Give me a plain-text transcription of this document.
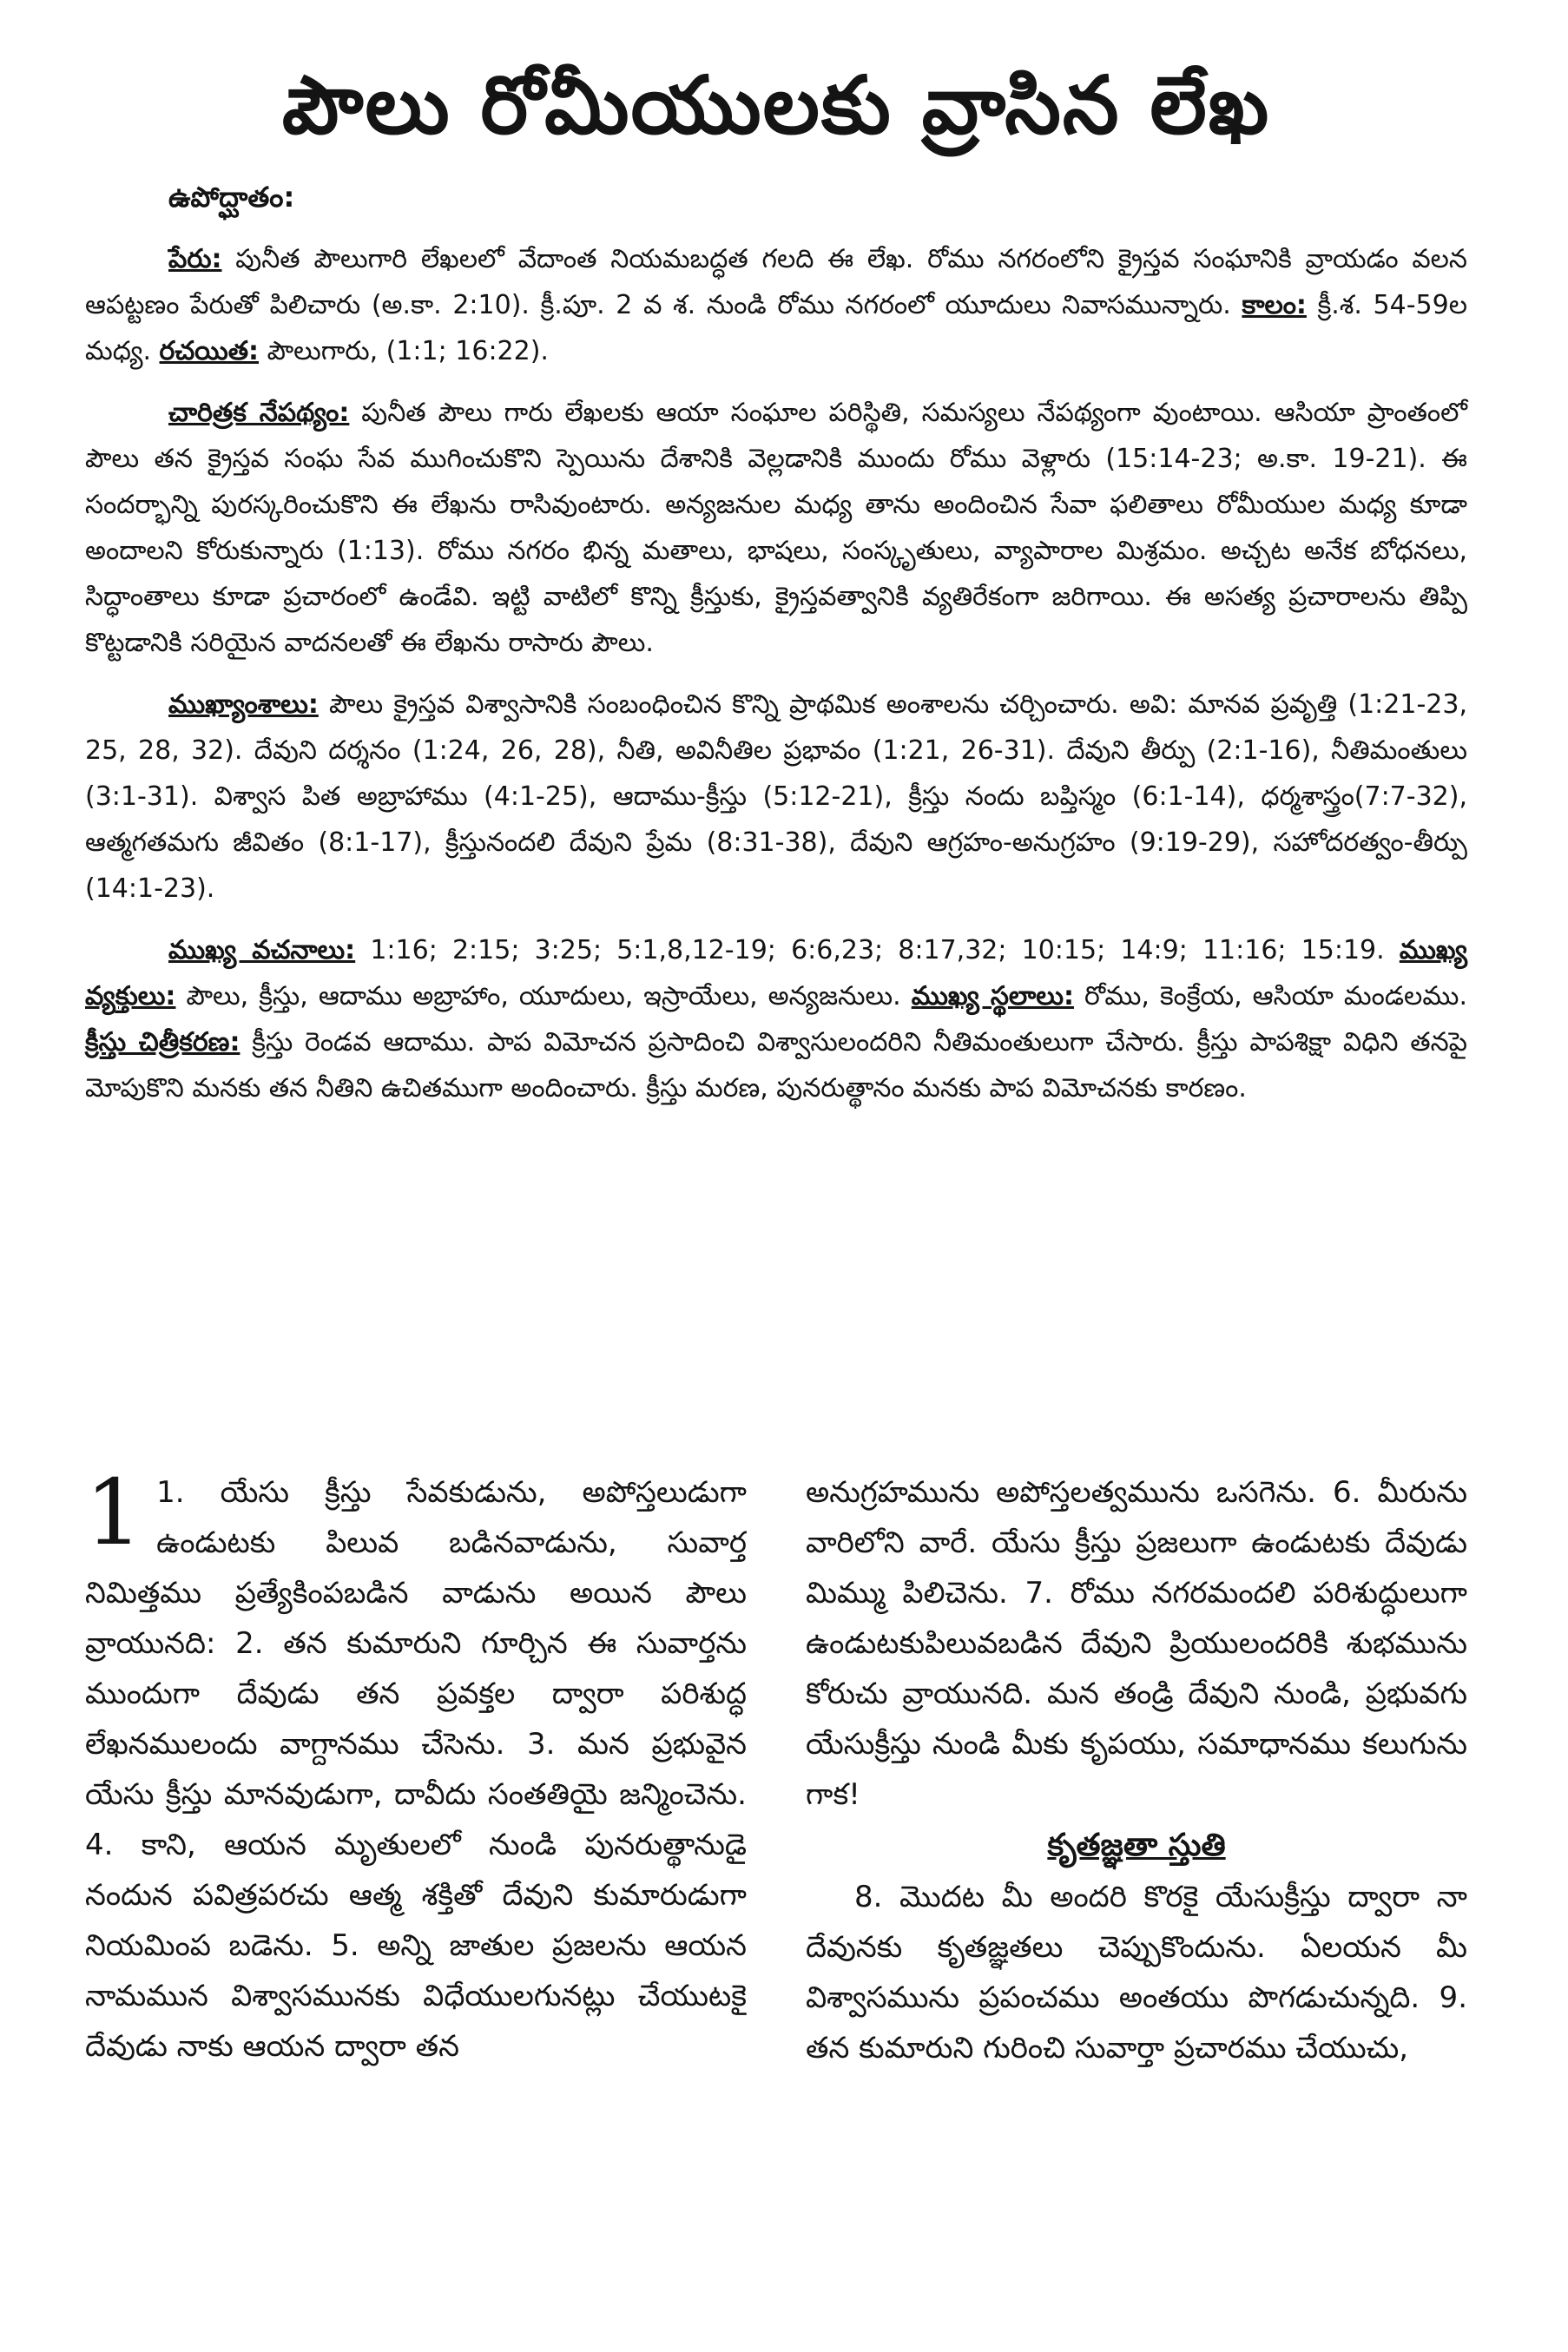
పౌలు రోమీయులకు వ్రాసిన లేఖ

ఉపోద్ఘాతం:

పేరు: పునీత పౌలుగారి లేఖలలో వేదాంత నియమబద్ధత గలది ఈ లేఖ. రోము నగరంలోని క్రైస్తవ సంఘానికి వ్రాయడం వలన ఆపట్టణం పేరుతో పిలిచారు (అ.కా. 2:10). క్రీ.పూ. 2 వ శ. నుండి రోము నగరంలో యూదులు నివాసమున్నారు. కాలం: క్రీ.శ. 54-59ల మధ్య. రచయిత: పౌలుగారు, (1:1; 16:22).

చారిత్రక నేపథ్యం: పునీత పౌలు గారు లేఖలకు ఆయా సంఘాల పరిస్థితి, సమస్యలు నేపథ్యంగా వుంటాయి. ఆసియా ప్రాంతంలో పౌలు తన క్రైస్తవ సంఘ సేవ ముగించుకొని స్పెయిను దేశానికి వెల్లడానికి ముందు రోము వెళ్లారు (15:14-23; అ.కా. 19-21). ఈ సందర్భాన్ని పురస్కరించుకొని ఈ లేఖను రాసివుంటారు. అన్యజనుల మధ్య తాను అందించిన సేవా ఫలితాలు రోమీయుల మధ్య కూడా అందాలని కోరుకున్నారు (1:13). రోము నగరం భిన్న మతాలు, భాషలు, సంస్కృతులు, వ్యాపారాల మిశ్రమం. అచ్చట అనేక బోధనలు, సిద్ధాంతాలు కూడా ప్రచారంలో ఉండేవి. ఇట్టి వాటిలో కొన్ని క్రీస్తుకు, క్రైస్తవత్వానికి వ్యతిరేకంగా జరిగాయి. ఈ అసత్య ప్రచారాలను తిప్పి కొట్టడానికి సరియైన వాదనలతో ఈ లేఖను రాసారు పౌలు.

ముఖ్యాంశాలు: పౌలు క్రైస్తవ విశ్వాసానికి సంబంధించిన కొన్ని ప్రాథమిక అంశాలను చర్చించారు. అవి: మానవ ప్రవృత్తి (1:21-23, 25, 28, 32). దేవుని దర్శనం (1:24, 26, 28), నీతి, అవినీతిల ప్రభావం (1:21, 26-31). దేవుని తీర్పు (2:1-16), నీతిమంతులు (3:1-31). విశ్వాస పిత అబ్రాహాము (4:1-25), ఆదాము-క్రీస్తు (5:12-21), క్రీస్తు నందు బప్తిస్మం (6:1-14), ధర్మశాస్త్రం(7:7-32), ఆత్మగతమగు జీవితం (8:1-17), క్రీస్తునందలి దేవుని ప్రేమ (8:31-38), దేవుని ఆగ్రహం-అనుగ్రహం (9:19-29), సహోదరత్వం-తీర్పు (14:1-23).

ముఖ్య వచనాలు: 1:16; 2:15; 3:25; 5:1,8,12-19; 6:6,23; 8:17,32; 10:15; 14:9; 11:16; 15:19. ముఖ్య వ్యక్తులు: పౌలు, క్రీస్తు, ఆదాము అబ్రాహాం, యూదులు, ఇస్రాయేలు, అన్యజనులు. ముఖ్య స్థలాలు: రోము, కెంక్రేయ, ఆసియా మండలము. క్రీస్తు చిత్రీకరణ: క్రీస్తు రెండవ ఆదాము. పాప విమోచన ప్రసాదించి విశ్వాసులందరిని నీతిమంతులుగా చేసారు. క్రీస్తు పాపశిక్షా విధిని తనపై మోపుకొని మనకు తన నీతిని ఉచితముగా అందించారు. క్రీస్తు మరణ, పునరుత్థానం మనకు పాప విమోచనకు కారణం.

1 1. యేసు క్రీస్తు సేవకుడును, అపోస్తలుడుగా ఉండుటకు పిలువ బడినవాడును, సువార్త నిమిత్తము ప్రత్యేకింపబడిన వాడును అయిన పౌలు వ్రాయునది: 2. తన కుమారుని గూర్చిన ఈ సువార్తను ముందుగా దేవుడు తన ప్రవక్తల ద్వారా పరిశుద్ధ లేఖనములందు వాగ్దానము చేసెను. 3. మన ప్రభువైన యేసు క్రీస్తు మానవుడుగా, దావీదు సంతతియై జన్మించెను. 4. కాని, ఆయన మృతులలో నుండి పునరుత్థానుడై నందున పవిత్రపరచు ఆత్మ శక్తితో దేవుని కుమారుడుగా నియమింప బడెను. 5. అన్ని జాతుల ప్రజలను ఆయన నామమున విశ్వాసమునకు విధేయులగునట్లు చేయుటకై దేవుడు నాకు ఆయన ద్వారా తన

అనుగ్రహమును అపోస్తలత్వమును ఒసగెను. 6. మీరును వారిలోని వారే. యేసు క్రీస్తు ప్రజలుగా ఉండుటకు దేవుడు మిమ్ము పిలిచెను. 7. రోము నగరమందలి పరిశుద్ధులుగా ఉండుటకుపిలువబడిన దేవుని ప్రియులందరికి శుభమును కోరుచు వ్రాయునది. మన తండ్రి దేవుని నుండి, ప్రభువగు యేసుక్రీస్తు నుండి మీకు కృపయు, సమాధానము కలుగును గాక!

కృతజ్ఞతా స్తుతి

8. మొదట మీ అందరి కొరకై యేసుక్రీస్తు ద్వారా నా దేవునకు కృతజ్ఞతలు చెప్పుకొందును. ఏలయన మీ విశ్వాసమును ప్రపంచము అంతయు పొగడుచున్నది. 9. తన కుమారుని గురించి సువార్తా ప్రచారము చేయుచు,
